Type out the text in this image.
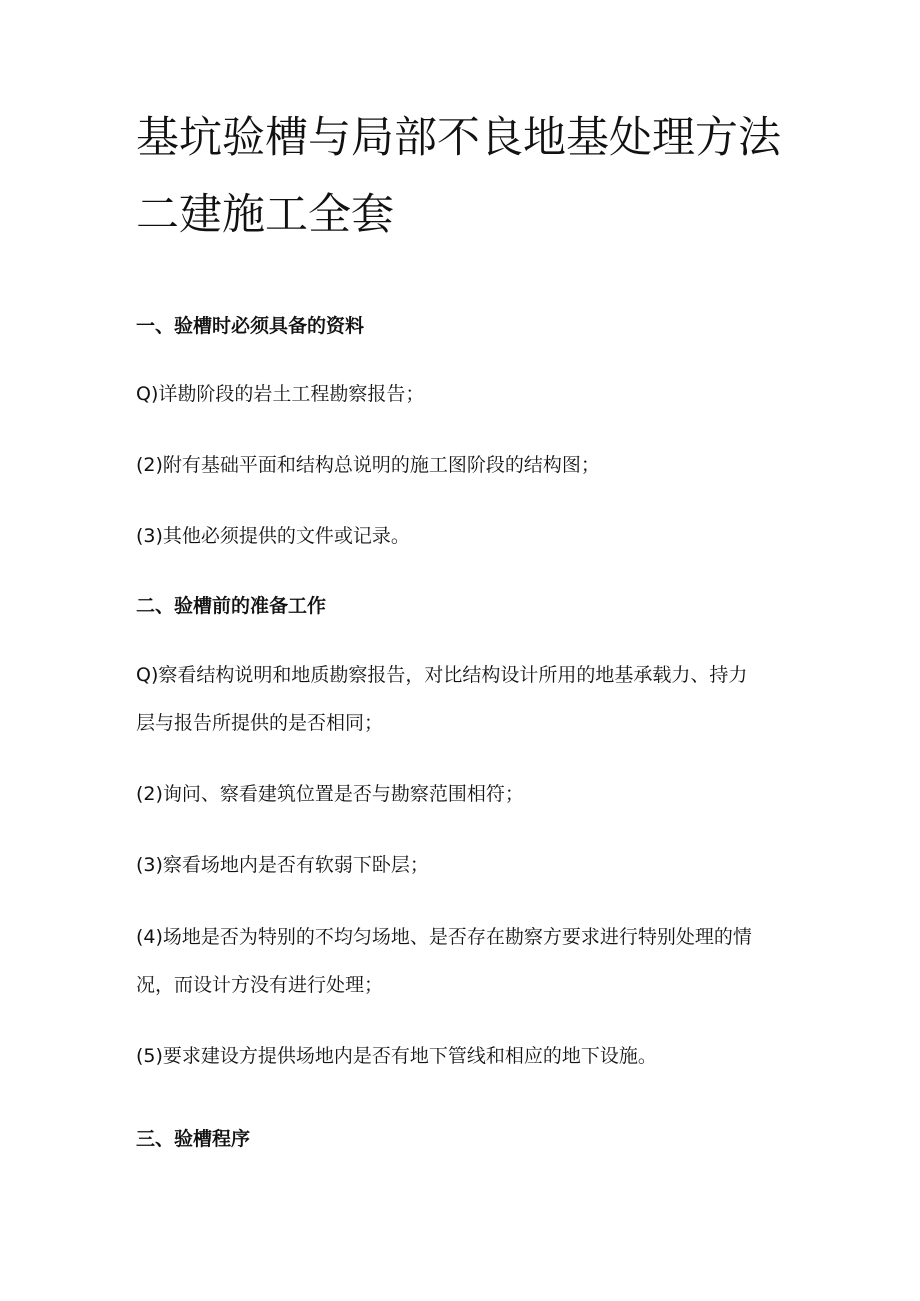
基坑验槽与局部不良地基处理方法
二建施工全套
一、验槽时必须具备的资料
Q)详勘阶段的岩土工程勘察报告；
(2)附有基础平面和结构总说明的施工图阶段的结构图；
(3)其他必须提供的文件或记录。
二、验槽前的准备工作
Q)察看结构说明和地质勘察报告，对比结构设计所用的地基承载力、持力
层与报告所提供的是否相同；
(2)询问、察看建筑位置是否与勘察范围相符；
(3)察看场地内是否有软弱下卧层；
(4)场地是否为特别的不均匀场地、是否存在勘察方要求进行特别处理的情
况，而设计方没有进行处理；
(5)要求建设方提供场地内是否有地下管线和相应的地下设施。
三、验槽程序
